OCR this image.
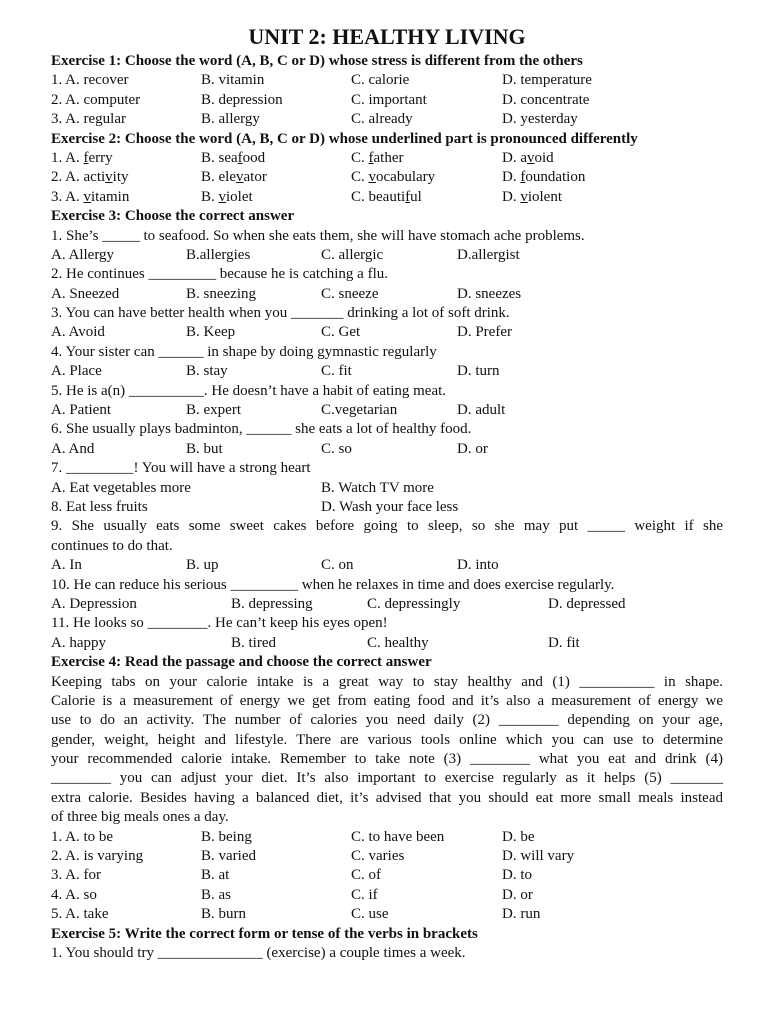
UNIT 2: HEALTHY LIVING
Exercise 1: Choose the word (A, B, C or D) whose stress is different from the others
1. A. recover	B. vitamin	C. calorie	D. temperature
2. A. computer	B. depression	C. important	D. concentrate
3. A. regular	B. allergy	C. already	D. yesterday
Exercise 2: Choose the word (A, B, C or D) whose underlined part is pronounced differently
1. A. ferry	B. seafood	C. father	D. avoid
2. A. activity	B. elevator	C. vocabulary	D. foundation
3. A. vitamin	B. violet	C. beautiful	D. violent
Exercise 3: Choose the correct answer
1. She’s _____ to seafood. So when she eats them, she will have stomach ache problems.
A. Allergy	B.allergies	C. allergic	D.allergist
2. He continues _________ because he is catching a flu.
A. Sneezed	B. sneezing	C. sneeze	D. sneezes
3. You can have better health when you _______ drinking a lot of soft drink.
A. Avoid	B. Keep	C. Get	D. Prefer
4. Your sister can ______ in shape by doing gymnastic regularly
A. Place	B. stay	C. fit	D. turn
5. He is a(n) __________. He doesn’t have a habit of eating meat.
A. Patient	B. expert	C.vegetarian	D. adult
6. She usually plays badminton, ______ she eats a lot of healthy food.
A. And	B. but	C. so	D. or
7. _________! You will have a strong heart
A. Eat vegetables more	B. Watch TV more
8. Eat less fruits	D. Wash your face less
9. She usually eats some sweet cakes before going to sleep, so she may put _____ weight if she
continues to do that.
A. In	B. up	C. on	D. into
10. He can reduce his serious _________ when he relaxes in time and does exercise regularly.
A. Depression	B. depressing	C. depressingly	D. depressed
11. He looks so ________. He can’t keep his eyes open!
A. happy	B. tired	C. healthy	D. fit
Exercise 4: Read the passage and choose the correct answer
Keeping tabs on your calorie intake is a great way to stay healthy and (1) __________ in shape.
Calorie is a measurement of energy we get from eating food and it’s also a measurement of energy we
use to do an activity. The number of calories you need daily (2) ________ depending on your age,
gender, weight, height and lifestyle. There are various tools online which you can use to determine
your recommended calorie intake. Remember to take note (3) ________ what you eat and drink (4)
________ you can adjust your diet. It’s also important to exercise regularly as it helps (5) _______
extra calorie. Besides having a balanced diet, it’s advised that you should eat more small meals instead
of three big meals ones a day.
1. A. to be	B. being	C. to have been	D. be
2. A. is varying	B. varied	C. varies	D. will vary
3. A. for	B. at	C. of	D. to
4. A. so	B. as	C. if	D. or
5. A. take	B. burn	C. use	D. run
Exercise 5: Write the correct form or tense of the verbs in brackets
1. You should try ______________ (exercise) a couple times a week.
